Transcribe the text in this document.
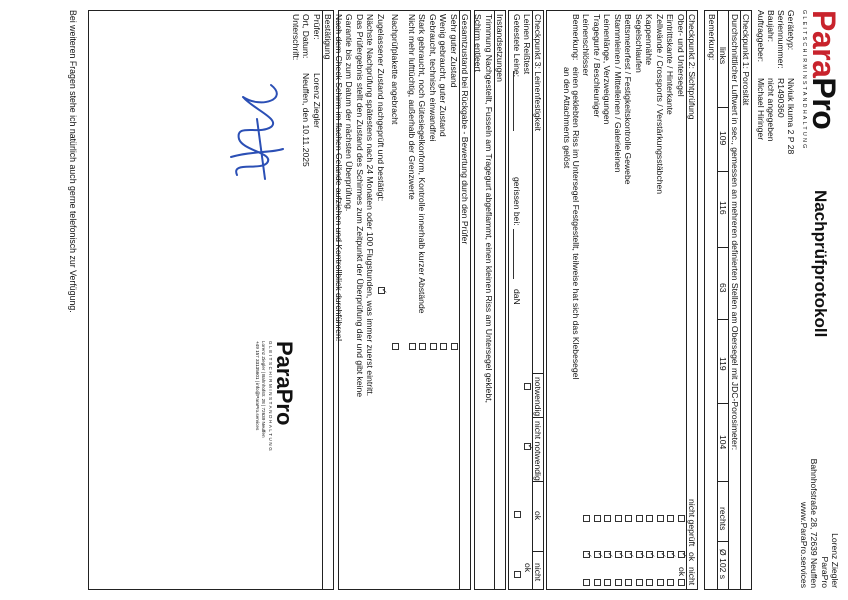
ParaPro
GLEITSCHIRMINSTANDHALTUNG
Nachprüfprotokoll
Lorenz Ziegler
ParaPro
Bahnhofstraße 28, 72639 Neuffen
www.ParaPro.services
Gerätetyp:
Niviuk Ikuma 2 P 28
Seriennummer:
R1490360
Baujahr:
nicht angegeben
Auftraggeber:
Michael Hiringer
Checkpunkt 1: Porosität
Durchschnittlicher Luftwert in sec., gemessen an mehreren definierten Stellen am Obersegel mit JDC-Porosimeter:
links
109
116
63
119
104
rechts
Ø 102 s
Bemerkung:
Checkpunkt 2: Sichtprüfung
nicht geprüft
ok
nicht ok
Ober- und Untersegel
✓
Eintrittskante / Hinterkante
✓
Zellwände / Crossports / Verstärkungsstäbchen
✓
Kappennähte
✓
Segelschlaufen
✓
Bettsmeterfest / Festigkeitskontrolle Gewebe
✓
Stammleinen / Mittelleinen / Galerieleinen
✓
Leinenlänge, Verzweigungen
✓
Tragegurte / Beschleuniger
✓
Leinenschlösser
✓
Bemerkung:
einen geklebten Riss im Untersegel Festgestellt, teilweise hat sich das Klebesegel
an den Attachments gelöst
Checkpunkt 3: Leinenfestigkeit
notwendig
nicht notwendig
ok
nicht ok
Leinen Reißtest
✓
Getestete Leine:
gerissen bei:
daN
Instandsetzungen
Trimmung Nachgestellt, Fusseln am Tragegurt abgeflammt, einen kleinen Riss am Untersegel geklebt,
Schirm entleert
Gesamtzustand bei Rückgabe - Bewertung durch den Prüfer
Sehr guter Zustand
Wenig gebraucht, guter Zustand
Gebraucht, technisch einwandfrei
Stark gebraucht, noch Gütesiegelkonform, Kontrolle innerhalb kurzer Abstände
Nicht mehr lufttüchtig, außerhalb der Grenzwerte
Nachprüfplakette angebracht
Zugelassener Zustand nachgeprüft und bestätigt:
✓
Nächste Nachprüfung spätestens nach 24 Monaten oder 100 Flugstunden, was immer zuerst eintritt.
Das Prüfergebnis stellt den Zustand des Schirmes zum Zeitpunkt der Überprüfung dar und gibt keine
Garantie bis zum Datum der nächsten Überprüfung.
Nach dem Check Schirm im flachen Gelände aufziehen und Kontrollblick durchführen!
Bestätigung
Prüfer:
Lorenz Ziegler
Ort, Datum:
Neuffen, den 10.11.2025
Unterschrift:
ParaPro
GLEITSCHIRMINSTANDHALTUNG
Lorenz Ziegler | Bahnhofstr. 28 | 72639 Neuffen
+49 157 33135601 | info@ParaPro.services
Bei weiteren Fragen stehe ich natürlich auch gerne telefonisch zur Verfügung.
